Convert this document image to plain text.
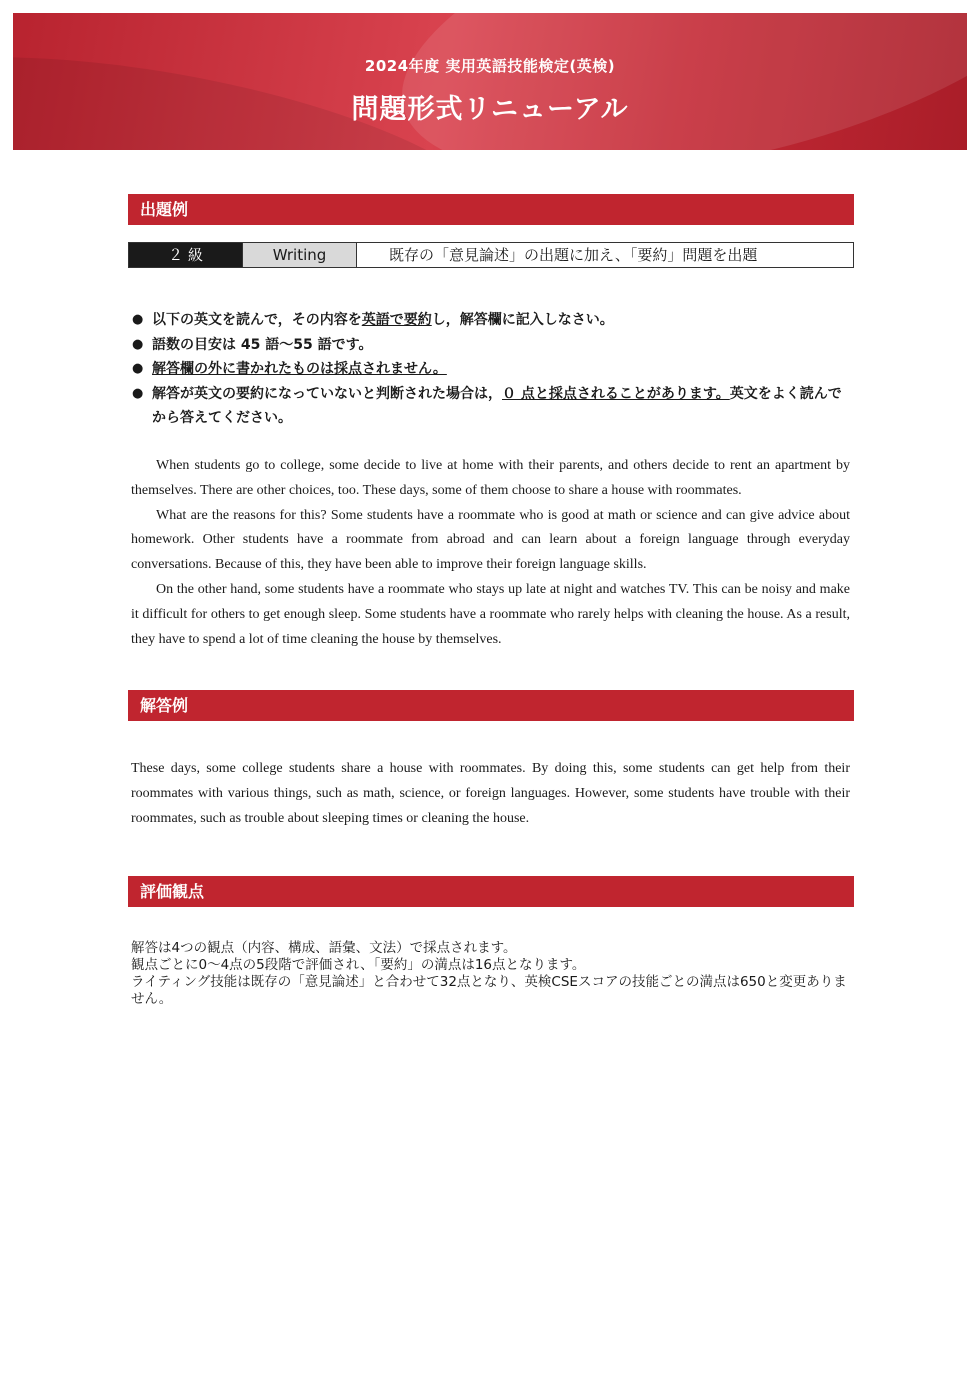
2024年度 実用英語技能検定(英検)
問題形式リニューアル
出題例
２ 級	Writing	既存の「意見論述」の出題に加え、「要約」問題を出題
● 以下の英文を読んで，その内容を英語で要約し，解答欄に記入しなさい。
● 語数の目安は 45 語～55 語です。
● 解答欄の外に書かれたものは採点されません。
● 解答が英文の要約になっていないと判断された場合は，０ 点と採点されることがあります。英文をよく読んでから答えてください。

When students go to college, some decide to live at home with their parents, and others decide to rent an apartment by themselves. There are other choices, too. These days, some of them choose to share a house with roommates.

What are the reasons for this? Some students have a roommate who is good at math or science and can give advice about homework. Other students have a roommate from abroad and can learn about a foreign language through everyday conversations. Because of this, they have been able to improve their foreign language skills.

On the other hand, some students have a roommate who stays up late at night and watches TV. This can be noisy and make it difficult for others to get enough sleep. Some students have a roommate who rarely helps with cleaning the house. As a result, they have to spend a lot of time cleaning the house by themselves.

解答例

These days, some college students share a house with roommates. By doing this, some students can get help from their roommates with various things, such as math, science, or foreign languages. However, some students have trouble with their roommates, such as trouble about sleeping times or cleaning the house.

評価観点
解答は4つの観点（内容、構成、語彙、文法）で採点されます。
観点ごとに0～4点の5段階で評価され、「要約」の満点は16点となります。
ライティング技能は既存の「意見論述」と合わせて32点となり、英検CSEスコアの技能ごとの満点は650と変更ありません。
